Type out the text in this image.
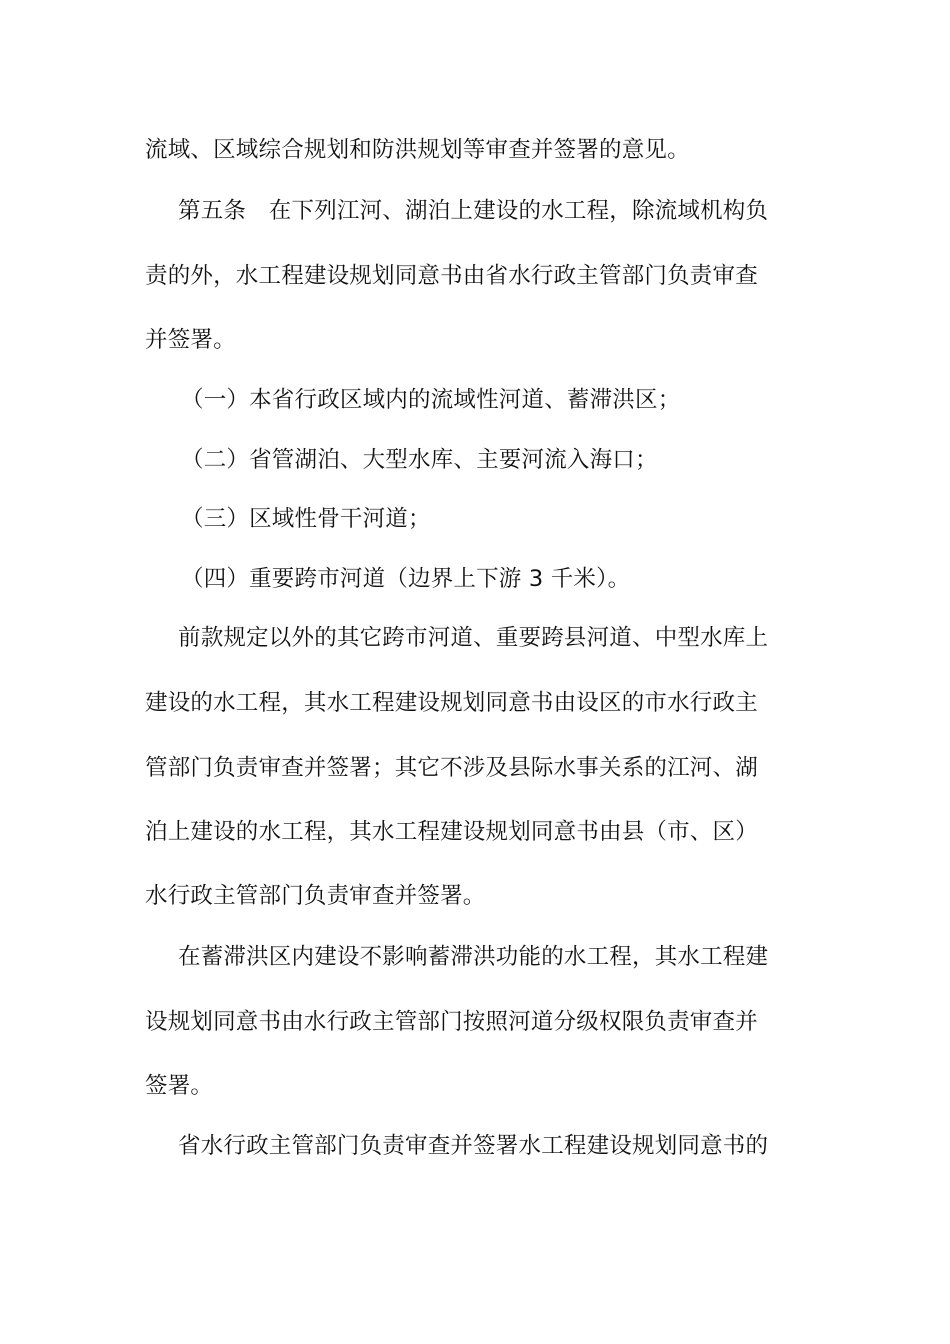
流域、区域综合规划和防洪规划等审查并签署的意见。
第五条　在下列江河、湖泊上建设的水工程，除流域机构负
责的外，水工程建设规划同意书由省水行政主管部门负责审查
并签署。
（一）本省行政区域内的流域性河道、蓄滞洪区；
（二）省管湖泊、大型水库、主要河流入海口；
（三）区域性骨干河道；
（四）重要跨市河道（边界上下游 3 千米）。
前款规定以外的其它跨市河道、重要跨县河道、中型水库上
建设的水工程，其水工程建设规划同意书由设区的市水行政主
管部门负责审查并签署；其它不涉及县际水事关系的江河、湖
泊上建设的水工程，其水工程建设规划同意书由县（市、区）
水行政主管部门负责审查并签署。
在蓄滞洪区内建设不影响蓄滞洪功能的水工程，其水工程建
设规划同意书由水行政主管部门按照河道分级权限负责审查并
签署。
省水行政主管部门负责审查并签署水工程建设规划同意书的
